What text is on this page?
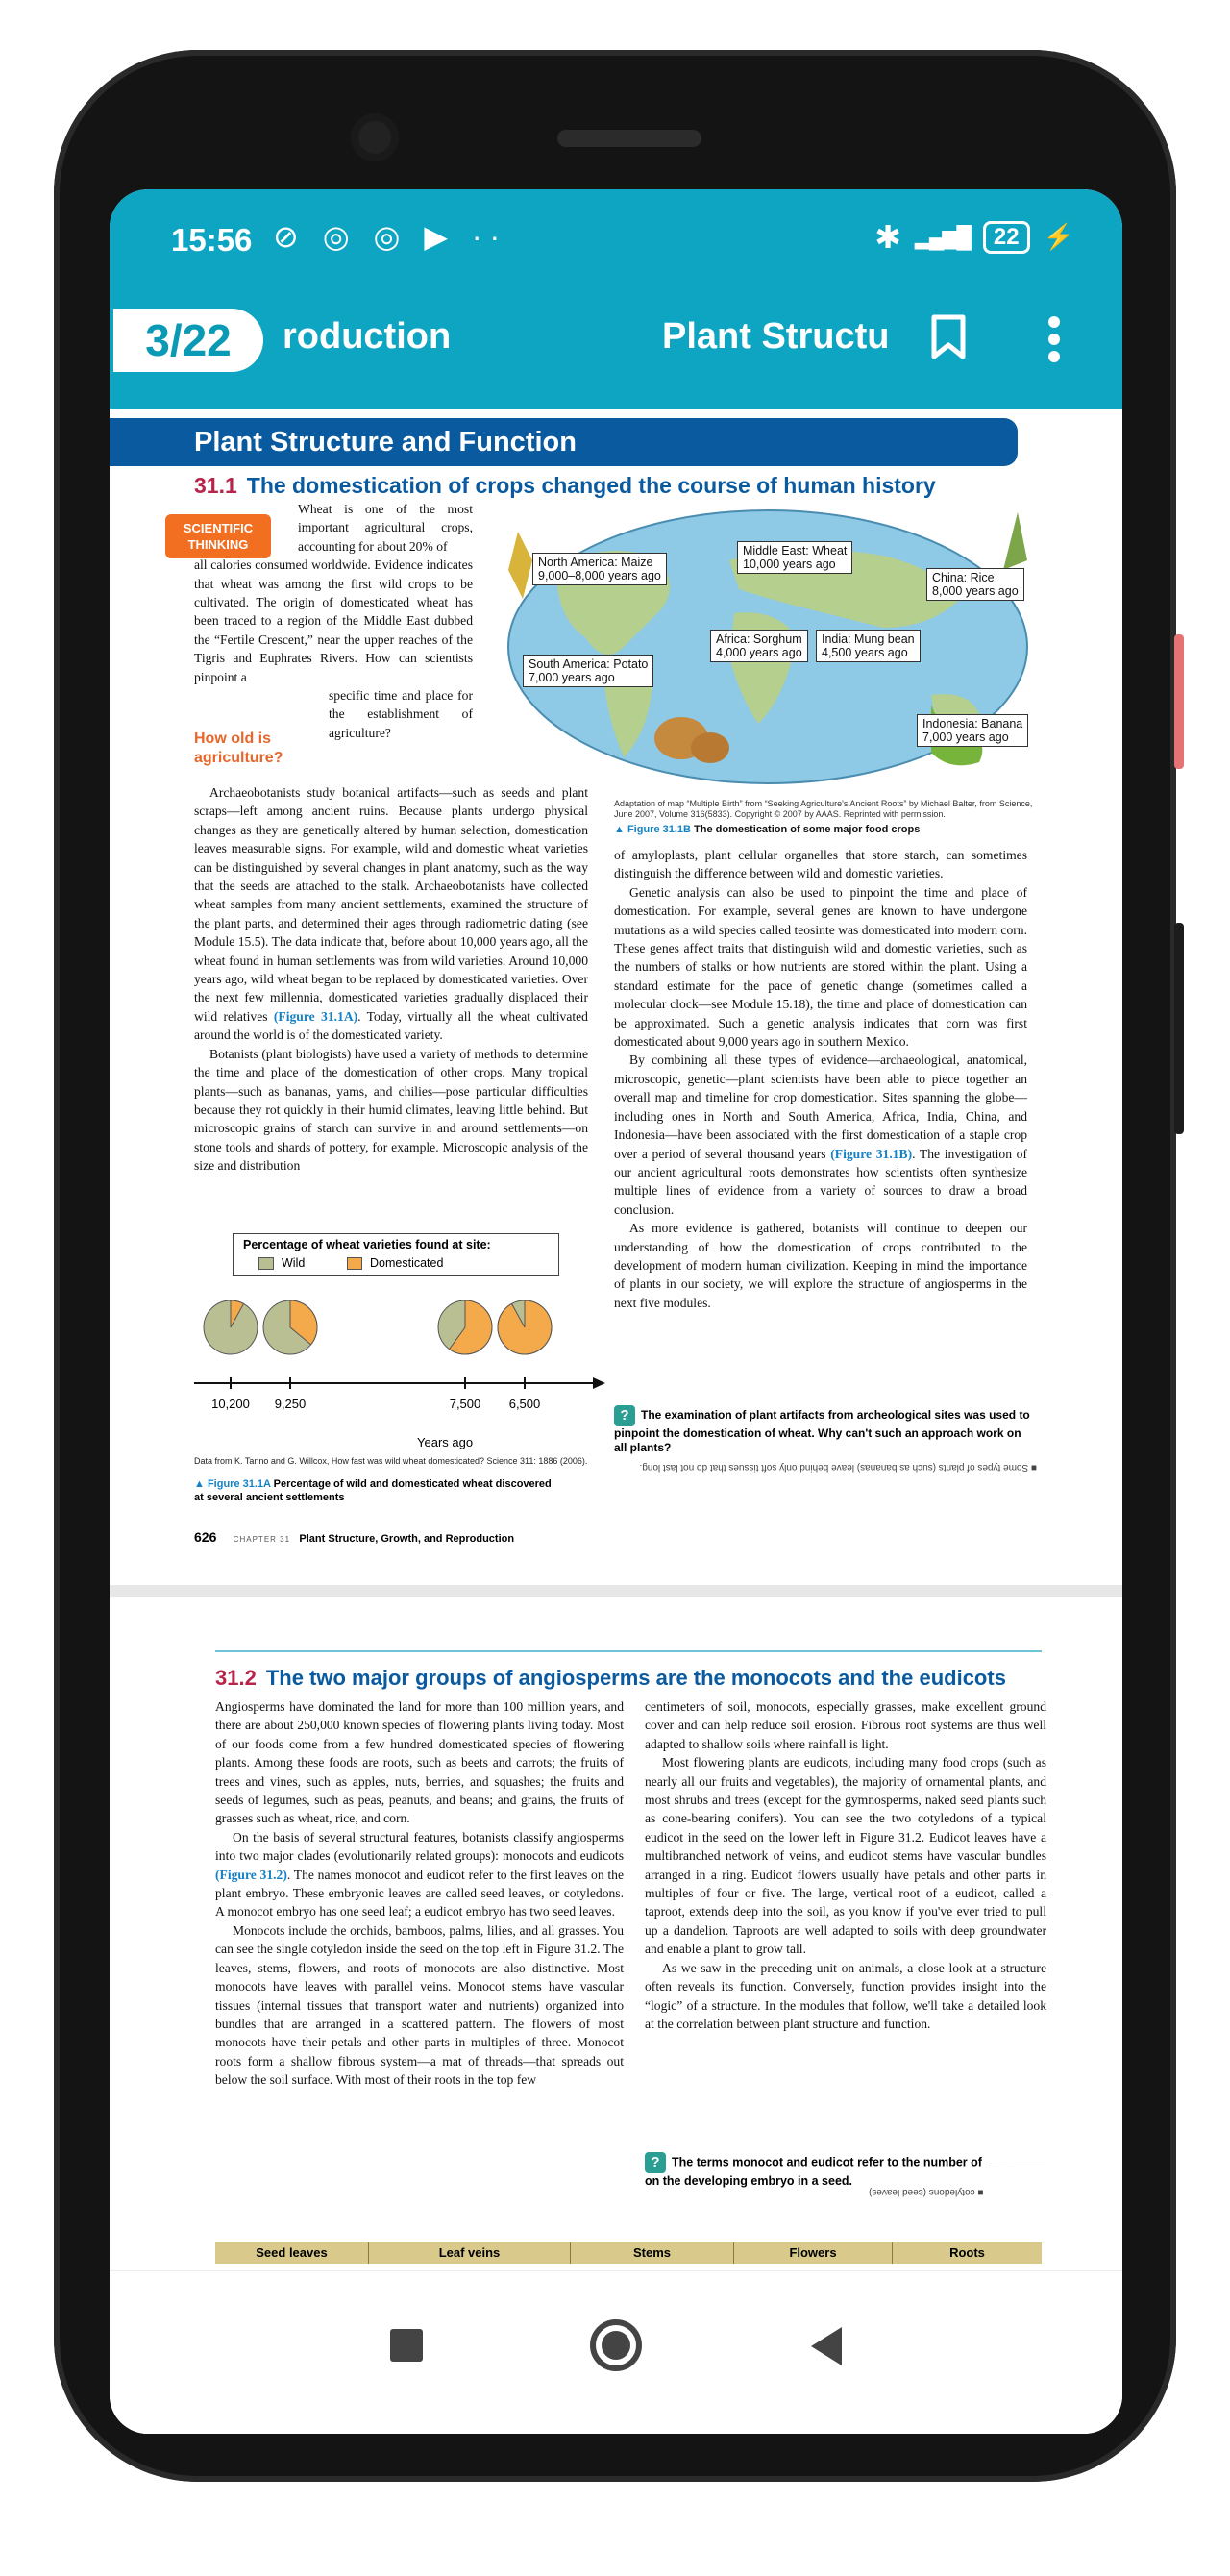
15:56 ⊘ ◎ ◎ ▶ ··	✱ ▂▄▆█	22 ⚡
3/22	roduction	Plant Structu
Plant Structure and Function
31.1 The domestication of crops changed the course of human history
SCIENTIFIC THINKING
Wheat is one of the most important agricultural crops, accounting for about 20% of
all calories consumed worldwide. Evidence indicates that wheat was among the first wild crops to be cultivated. The origin of domesticated wheat has been traced to a region of the Middle East dubbed the “Fertile Crescent,” near the upper reaches of the Tigris and Euphrates Rivers. How can scientists pinpoint a
specific time and place for the establishment of agriculture?
How old is agriculture?

Archaeobotanists study botanical artifacts—such as seeds and plant scraps—left among ancient ruins. Because plants undergo physical changes as they are genetically altered by human selection, domestication leaves measurable signs. For example, wild and domestic wheat varieties can be distinguished by several changes in plant anatomy, such as the way that the seeds are attached to the stalk. Archaeobotanists have collected wheat samples from many ancient settlements, examined the structure of the plant parts, and determined their ages through radiometric dating (see Module 15.5). The data indicate that, before about 10,000 years ago, all the wheat found in human settlements was from wild varieties. Around 10,000 years ago, wild wheat began to be replaced by domesticated varieties. Over the next few millennia, domesticated varieties gradually displaced their wild relatives (Figure 31.1A). Today, virtually all the wheat cultivated around the world is of the domesticated variety.

Botanists (plant biologists) have used a variety of methods to determine the time and place of the domestication of other crops. Many tropical plants—such as bananas, yams, and chilies—pose particular difficulties because they rot quickly in their humid climates, leaving little behind. But microscopic grains of starch can survive in and around settlements—on stone tools and shards of pottery, for example. Microscopic analysis of the size and distribution

North America: Maize
9,000–8,000 years ago
Middle East: Wheat
10,000 years ago
China: Rice
8,000 years ago
Africa: Sorghum
4,000 years ago
India: Mung bean
4,500 years ago
South America: Potato
7,000 years ago
Indonesia: Banana
7,000 years ago
Adaptation of map “Multiple Birth” from “Seeking Agriculture's Ancient Roots” by Michael Balter, from Science, June 2007, Volume 316(5833). Copyright © 2007 by AAAS. Reprinted with permission.
▲ Figure 31.1B The domestication of some major food crops

of amyloplasts, plant cellular organelles that store starch, can sometimes distinguish the difference between wild and domestic varieties.

Genetic analysis can also be used to pinpoint the time and place of domestication. For example, several genes are known to have undergone mutations as a wild species called teosinte was domesticated into modern corn. These genes affect traits that distinguish wild and domestic varieties, such as the numbers of stalks or how nutrients are stored within the plant. Using a standard estimate for the pace of genetic change (sometimes called a molecular clock—see Module 15.18), the time and place of domestication can be approximated. Such a genetic analysis indicates that corn was first domesticated about 9,000 years ago in southern Mexico.

By combining all these types of evidence—archaeological, anatomical, microscopic, genetic—plant scientists have been able to piece together an overall map and timeline for crop domestication. Sites spanning the globe—including ones in North and South America, Africa, India, China, and Indonesia—have been associated with the first domestication of a staple crop over a period of several thousand years (Figure 31.1B). The investigation of our ancient agricultural roots demonstrates how scientists often synthesize multiple lines of evidence from a variety of sources to draw a broad conclusion.

As more evidence is gathered, botanists will continue to deepen our understanding of how the domestication of crops contributed to the development of modern human civilization. Keeping in mind the importance of plants in our society, we will explore the structure of angiosperms in the next five modules.

Percentage of wheat varieties found at site:
Wild	Domesticated
10,200 9,250	7,500 6,500
Years ago
Data from K. Tanno and G. Willcox, How fast was wild wheat domesticated? Science 311: 1886 (2006).
▲ Figure 31.1A Percentage of wild and domesticated wheat discovered at several ancient settlements
? The examination of plant artifacts from archeological sites was used to pinpoint the domestication of wheat. Why can't such an approach work on all plants?
■ Some types of plants (such as bananas) leave behind only soft tissues that do not last long.
626 CHAPTER 31 Plant Structure, Growth, and Reproduction
31.2 The two major groups of angiosperms are the monocots and the eudicots

Angiosperms have dominated the land for more than 100 million years, and there are about 250,000 known species of flowering plants living today. Most of our foods come from a few hundred domesticated species of flowering plants. Among these foods are roots, such as beets and carrots; the fruits of trees and vines, such as apples, nuts, berries, and squashes; the fruits and seeds of legumes, such as peas, peanuts, and beans; and grains, the fruits of grasses such as wheat, rice, and corn.

On the basis of several structural features, botanists classify angiosperms into two major clades (evolutionarily related groups): monocots and eudicots (Figure 31.2). The names monocot and eudicot refer to the first leaves on the plant embryo. These embryonic leaves are called seed leaves, or cotyledons. A monocot embryo has one seed leaf; a eudicot embryo has two seed leaves.

Monocots include the orchids, bamboos, palms, lilies, and all grasses. You can see the single cotyledon inside the seed on the top left in Figure 31.2. The leaves, stems, flowers, and roots of monocots are also distinctive. Most monocots have leaves with parallel veins. Monocot stems have vascular tissues (internal tissues that transport water and nutrients) organized into bundles that are arranged in a scattered pattern. The flowers of most monocots have their petals and other parts in multiples of three. Monocot roots form a shallow fibrous system—a mat of threads—that spreads out below the soil surface. With most of their roots in the top few

centimeters of soil, monocots, especially grasses, make excellent ground cover and can help reduce soil erosion. Fibrous root systems are thus well adapted to shallow soils where rainfall is light.

Most flowering plants are eudicots, including many food crops (such as nearly all our fruits and vegetables), the majority of ornamental plants, and most shrubs and trees (except for the gymnosperms, naked seed plants such as cone-bearing conifers). You can see the two cotyledons of a typical eudicot in the seed on the lower left in Figure 31.2. Eudicot leaves have a multibranched network of veins, and eudicot stems have vascular bundles arranged in a ring. Eudicot flowers usually have petals and other parts in multiples of four or five. The large, vertical root of a eudicot, called a taproot, extends deep into the soil, as you know if you've ever tried to pull up a dandelion. Taproots are well adapted to soils with deep groundwater and enable a plant to grow tall.

As we saw in the preceding unit on animals, a close look at a structure often reveals its function. Conversely, function provides insight into the “logic” of a structure. In the modules that follow, we'll take a detailed look at the correlation between plant structure and function.

? The terms monocot and eudicot refer to the number of _________ on the developing embryo in a seed.
■ cotyledons (seed leaves)
Seed leaves	Leaf veins	Stems	Flowers	Roots
